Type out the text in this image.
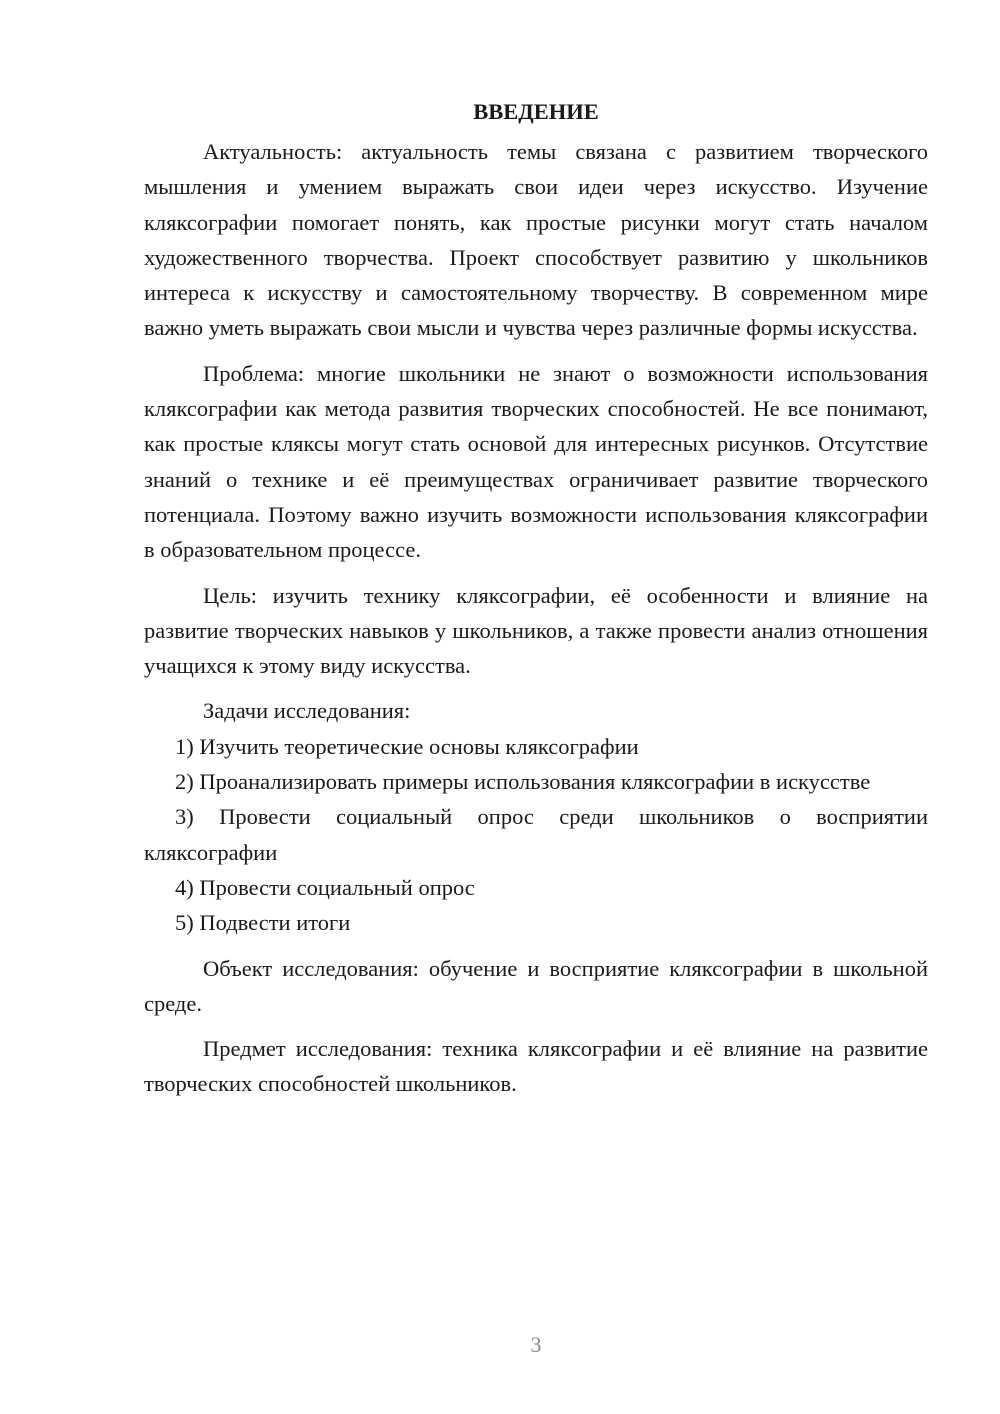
ВВЕДЕНИЕ

Актуальность: актуальность темы связана с развитием творческого мышления и умением выражать свои идеи через искусство. Изучение кляксографии помогает понять, как простые рисунки могут стать началом художественного творчества. Проект способствует развитию у школьников интереса к искусству и самостоятельному творчеству. В современном мире важно уметь выражать свои мысли и чувства через различные формы искусства.

Проблема: многие школьники не знают о возможности использования кляксографии как метода развития творческих способностей. Не все понимают, как простые кляксы могут стать основой для интересных рисунков. Отсутствие знаний о технике и её преимуществах ограничивает развитие творческого потенциала. Поэтому важно изучить возможности использования кляксографии в образовательном процессе.

Цель: изучить технику кляксографии, её особенности и влияние на развитие творческих навыков у школьников, а также провести анализ отношения учащихся к этому виду искусства.

Задачи исследования:

1) Изучить теоретические основы кляксографии

2) Проанализировать примеры использования кляксографии в искусстве

3) Провести социальный опрос среди школьников о восприятии кляксографии

4) Провести социальный опрос

5) Подвести итоги

Объект исследования: обучение и восприятие кляксографии в школьной среде.

Предмет исследования: техника кляксографии и её влияние на развитие творческих способностей школьников.

3
